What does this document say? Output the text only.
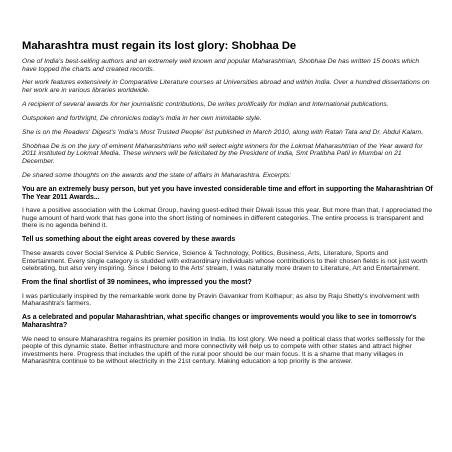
Maharashtra must regain its lost glory: Shobhaa De

One of India's best-selling authors and an extremely well known and popular Maharashtrian, Shobhaa De has written 15 books which have topped the charts and created records.

Her work features extensively in Comparative Literature courses at Universities abroad and within India. Over a hundred dissertations on her work are in various libraries worldwide.

A recipient of several awards for her journalistic contributions, De writes prolifically for Indian and International publications.

Outspoken and forthright, De chronicles today's India in her own inimitable style.

She is on the Readers' Digest's 'India's Most Trusted People' list published in March 2010, along with Ratan Tata and Dr. Abdul Kalam.

Shobhaa De is on the jury of eminent Maharashtrians who will select eight winners for the Lokmat Maharashtrian of the Year award for 2011 instituted by Lokmat Media. These winners will be felicitated by the President of India, Smt Pratibha Patil in Mumbai on 21 December.

De shared some thoughts on the awards and the state of affairs in Maharashtra. Excerpts:

You are an extremely busy person, but yet you have invested considerable time and effort in supporting the Maharashtrian Of The Year 2011 Awards...

I have a positive association with the Lokmat Group, having guest-edited their Diwali Issue this year. But more than that, I appreciated the huge amount of hard work that has gone into the short listing of nominees in different categories. The entire process is transparent and there is no agenda behind it.

Tell us something about the eight areas covered by these awards

These awards cover Social Service & Public Service, Science & Technology, Politics, Business, Arts, Literature, Sports and Entertainment. Every single category is studded with extraordinary individuals whose contributions to their chosen fields is not just worth celebrating, but also very inspiring. Since I belong to the Arts' stream, I was naturally more drawn to Literature, Art and Entertainment.

From the final shortlist of 39 nominees, who impressed you the most?

I was particularly inspired by the remarkable work done by Pravin Gavankar from Kolhapur; as also by Raju Shetty's involvement with Maharashtra's farmers.

As a celebrated and popular Maharashtrian, what specific changes or improvements would you like to see in tomorrow's Maharashtra?

We need to ensure Maharashtra regains its premier position in India. Its lost glory. We need a political class that works selflessly for the people of this dynamic state. Better infrastructure and more connectivity will help us to compete with other states and attract higher investments here. Progress that includes the uplift of the rural poor should be our main focus. It is a shame that many villages in Maharashtra continue to be without electricity in the 21st century. Making education a top priority is the answer.
